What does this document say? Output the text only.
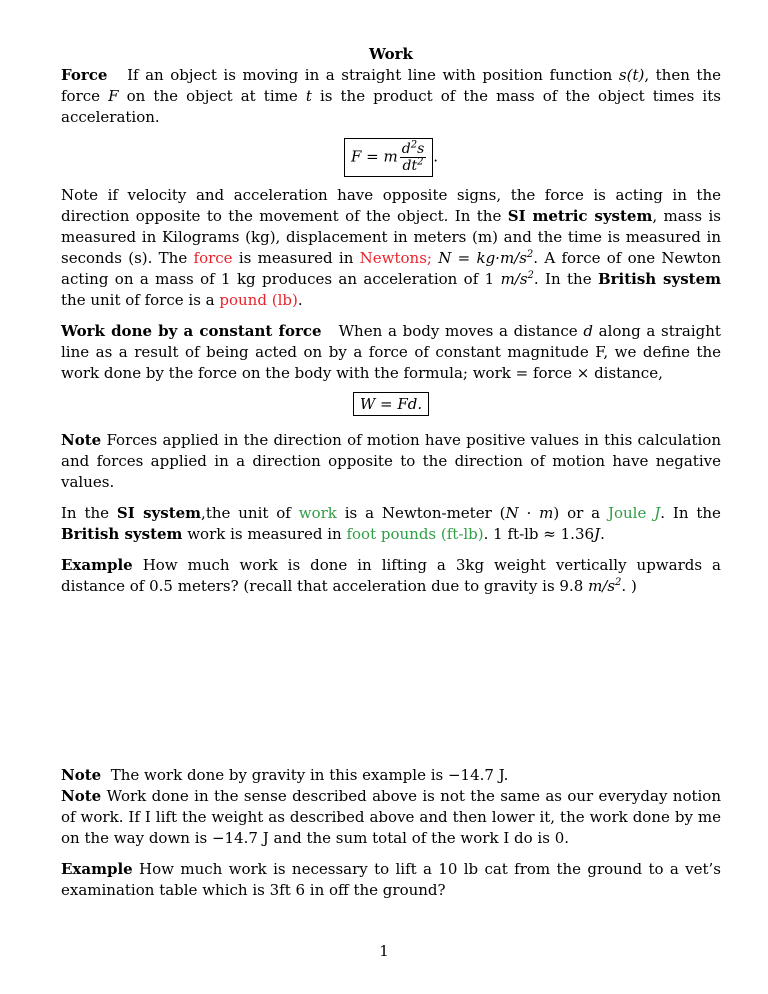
Work

Force If an object is moving in a straight line with position function s(t), then the force F on the object at time t is the product of the mass of the object times its acceleration.

F = m $\frac{d^2s}{dt^2}$ .

Note if velocity and acceleration have opposite signs, the force is acting in the direction opposite to the movement of the object. In the SI metric system, mass is measured in Kilograms (kg), displacement in meters (m) and the time is measured in seconds (s). The force is measured in Newtons; $N = kg\cdot m/s^2$. A force of one Newton acting on a mass of 1 kg produces an acceleration of 1 $m/s^2$. In the British system the unit of force is a pound (lb).

Work done by a constant force When a body moves a distance d along a straight line as a result of being acted on by a force of constant magnitude F, we define the work done by the force on the body with the formula; work = force × distance,

W = Fd.

Note Forces applied in the direction of motion have positive values in this calculation and forces applied in a direction opposite to the direction of motion have negative values.

In the SI system,the unit of work is a Newton-meter (N · m) or a Joule J. In the British system work is measured in foot pounds (ft-lb). 1 ft-lb ≈ 1.36J.

Example How much work is done in lifting a 3kg weight vertically upwards a distance of 0.5 meters? (recall that acceleration due to gravity is 9.8 $m/s^2$. )

Note The work done by gravity in this example is −14.7 J.

Note Work done in the sense described above is not the same as our everyday notion of work. If I lift the weight as described above and then lower it, the work done by me on the way down is −14.7 J and the sum total of the work I do is 0.

Example How much work is necessary to lift a 10 lb cat from the ground to a vet’s examination table which is 3ft 6 in off the ground?

1
